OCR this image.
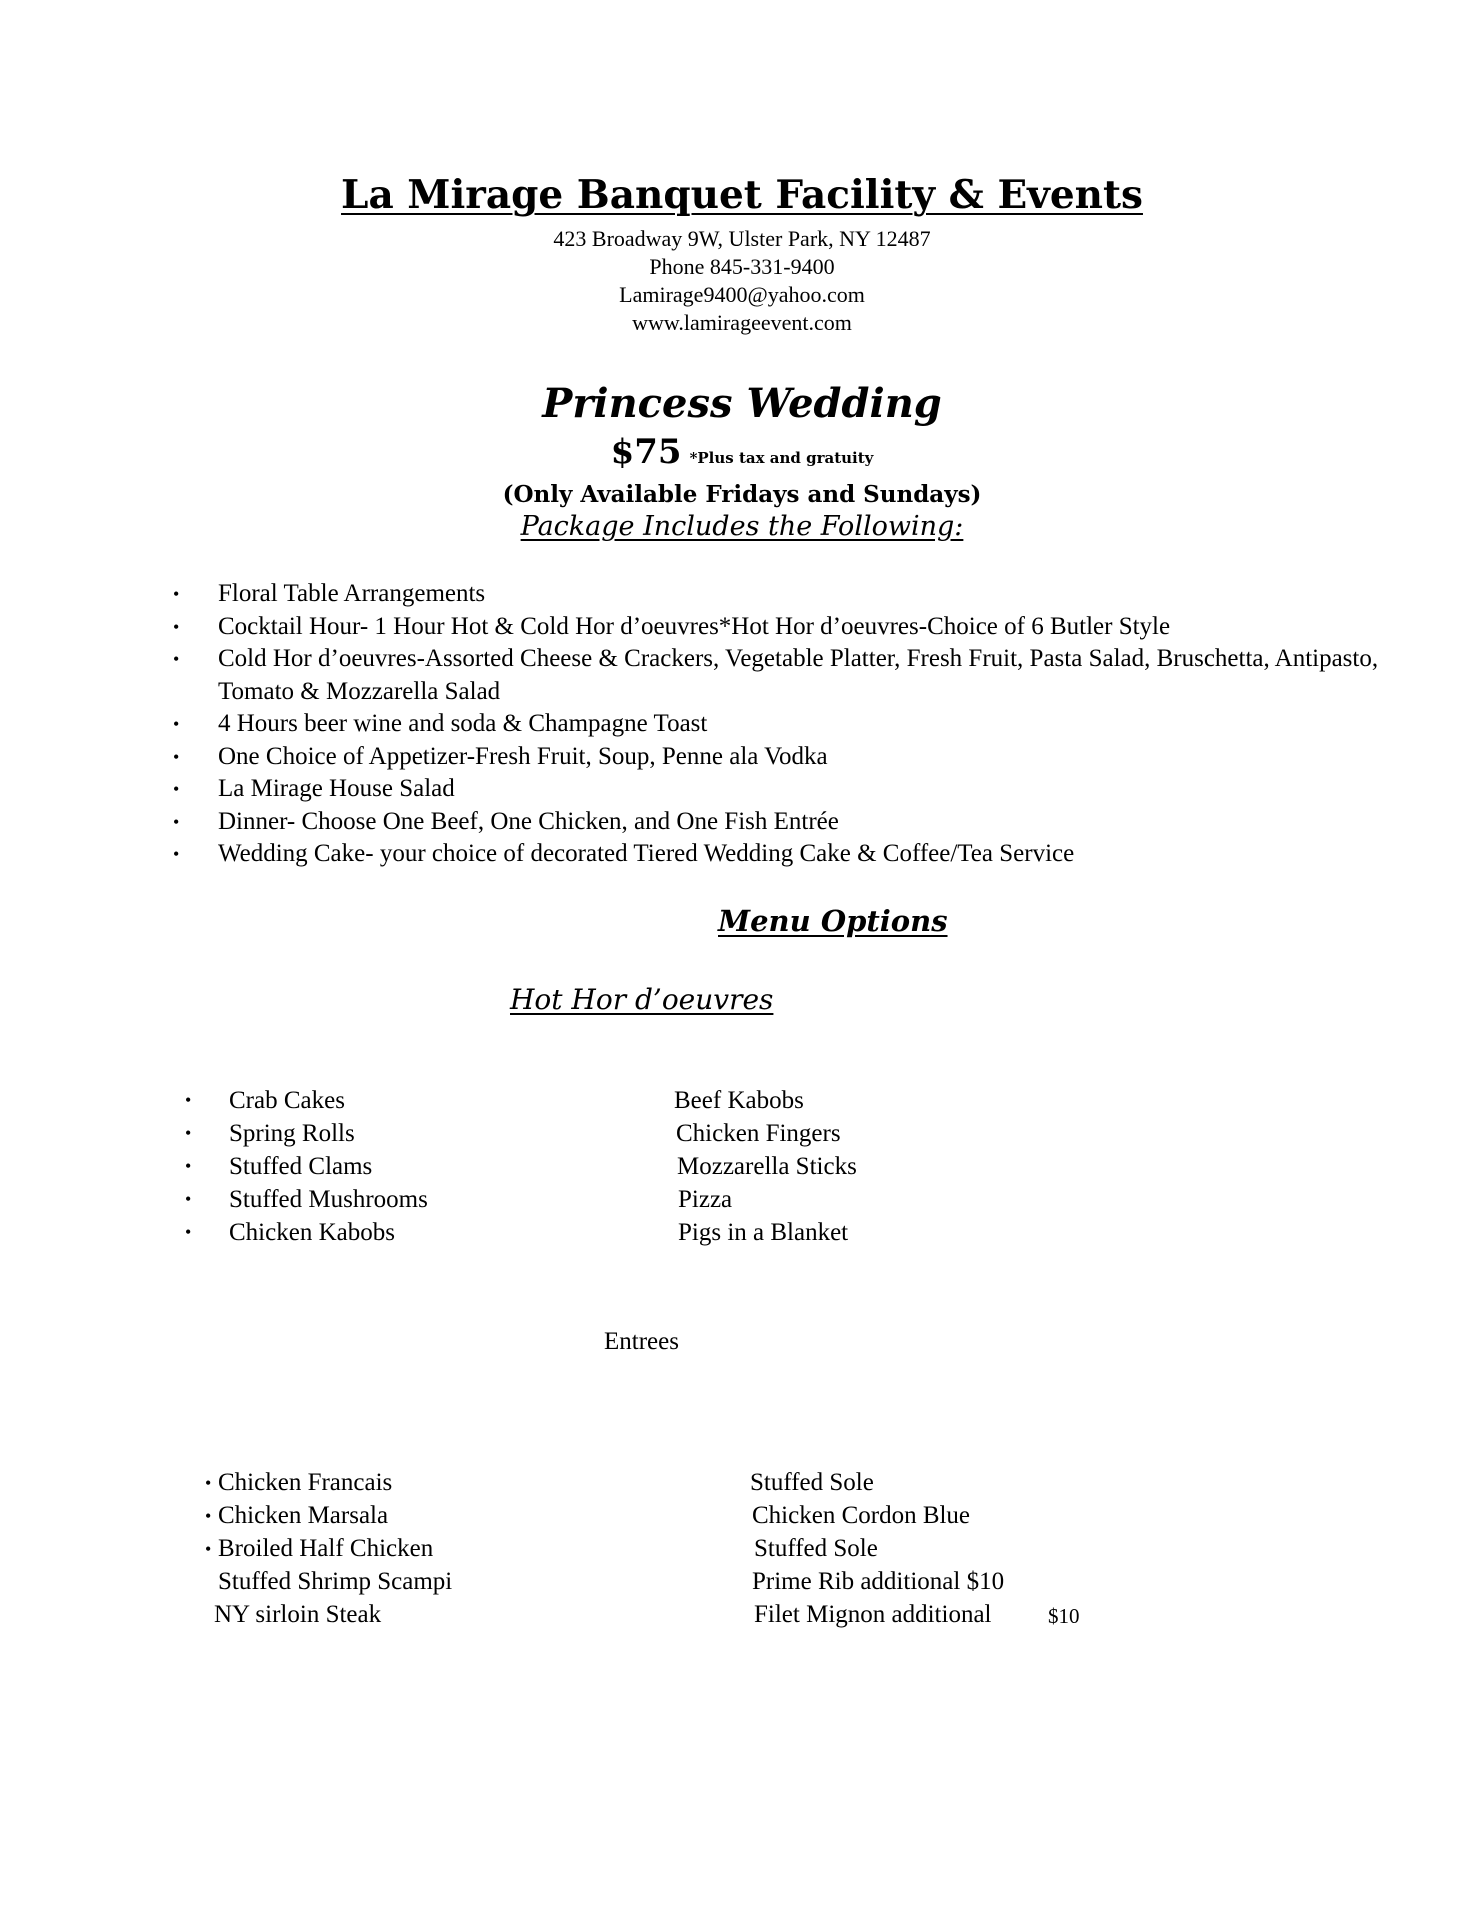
La Mirage Banquet Facility & Events
423 Broadway 9W, Ulster Park, NY 12487
Phone 845-331-9400
Lamirage9400@yahoo.com
www.lamirageevent.com
Princess Wedding
$75 *Plus tax and gratuity
(Only Available Fridays and Sundays)
Package Includes the Following:
• Floral Table Arrangements
• Cocktail Hour- 1 Hour Hot & Cold Hor d’oeuvres*Hot Hor d’oeuvres-Choice of 6 Butler Style
• Cold Hor d’oeuvres-Assorted Cheese & Crackers, Vegetable Platter, Fresh Fruit, Pasta Salad, Bruschetta, Antipasto, Tomato & Mozzarella Salad
• 4 Hours beer wine and soda & Champagne Toast
• One Choice of Appetizer-Fresh Fruit, Soup, Penne ala Vodka
• La Mirage House Salad
• Dinner- Choose One Beef, One Chicken, and One Fish Entrée
• Wedding Cake- your choice of decorated Tiered Wedding Cake & Coffee/Tea Service
Menu Options
Hot Hor d’oeuvres
• Crab Cakes
• Spring Rolls
• Stuffed Clams
• Stuffed Mushrooms
• Chicken Kabobs
Beef Kabobs
Chicken Fingers
Mozzarella Sticks
Pizza
Pigs in a Blanket
Entrees
• Chicken Francais
• Chicken Marsala
• Broiled Half Chicken
Stuffed Shrimp Scampi
NY sirloin Steak
Stuffed Sole
Chicken Cordon Blue
Stuffed Sole
Prime Rib additional $10
Filet Mignon additional	$10
